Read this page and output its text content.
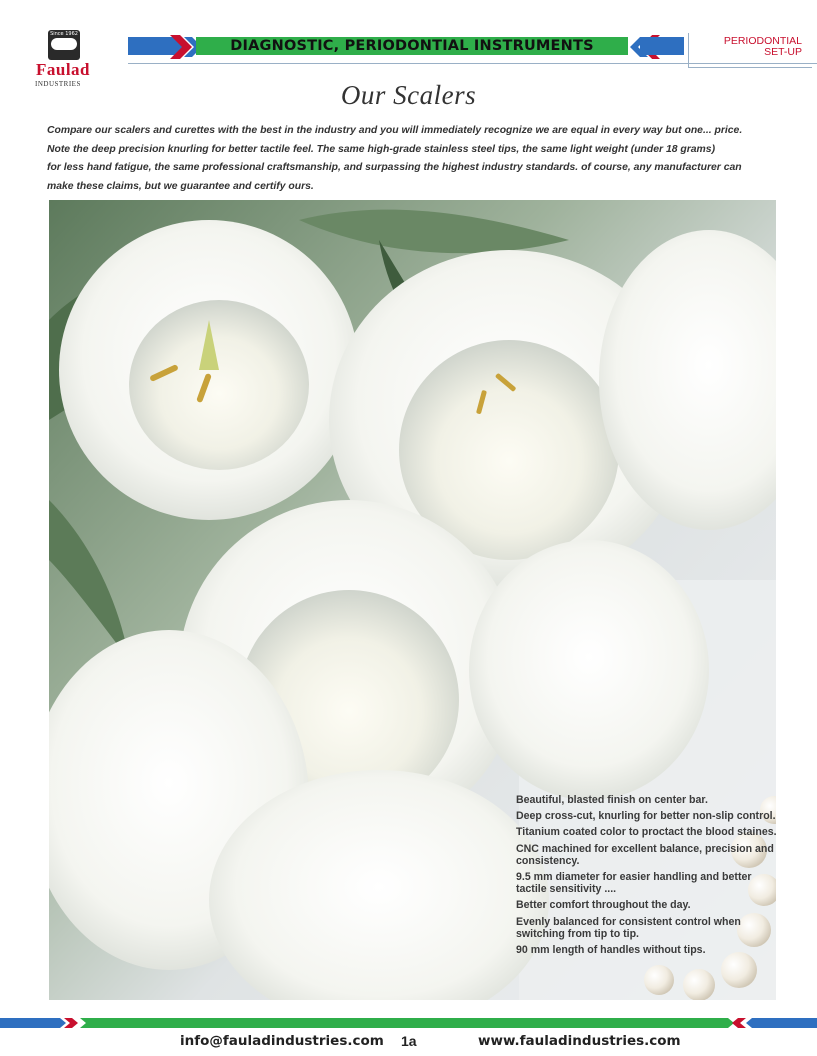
Since 1962
Faulad
INDUSTRIES
DIAGNOSTIC, PERIODONTIAL INSTRUMENTS	PERIODONTIAL
SET-UP
Our Scalers
Compare our scalers and curettes with the best in the industry and you will immediately recognize we are equal in every way but one... price.
Note the deep precision knurling for better tactile feel. The same high-grade stainless steel tips, the same light weight (under 18 grams)
for less hand fatigue, the same professional craftsmanship, and surpassing the highest industry standards. of course, any manufacturer can
make these claims, but we guarantee and certify ours.
Beautiful, blasted finish on center bar.
Deep cross-cut, knurling for better non-slip control.
Titanium coated color to proctact the blood staines.
CNC machined for excellent balance, precision and consistency.
9.5 mm diameter for easier handling and better tactile sensitivity ....
Better comfort throughout the day.
Evenly balanced for consistent control when switching from tip to tip.
90 mm length of handles without tips.
info@fauladindustries.com 1a	www.fauladindustries.com
